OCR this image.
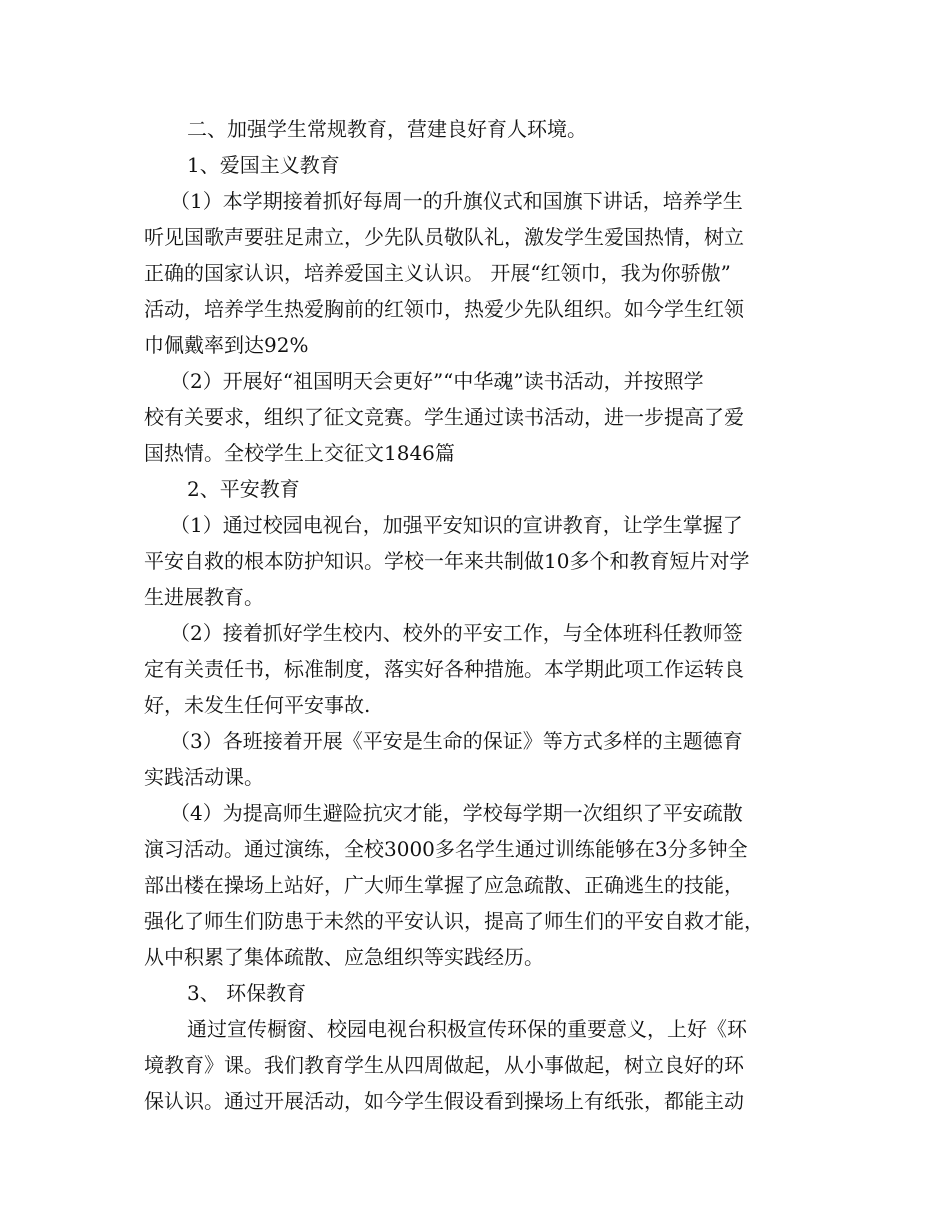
二、加强学生常规教育，营建良好育人环境。

1、爱国主义教育

（1）本学期接着抓好每周一的升旗仪式和国旗下讲话，培养学生

听见国歌声要驻足肃立，少先队员敬队礼，激发学生爱国热情，树立

正确的国家认识，培养爱国主义认识。 开展“红领巾，我为你骄傲”

活动，培养学生热爱胸前的红领巾，热爱少先队组织。如今学生红领

巾佩戴率到达92%

（2）开展好“祖国明天会更好”“中华魂”读书活动，并按照学

校有关要求，组织了征文竞赛。学生通过读书活动，进一步提高了爱

国热情。全校学生上交征文1846篇

2、平安教育

（1）通过校园电视台，加强平安知识的宣讲教育，让学生掌握了

平安自救的根本防护知识。学校一年来共制做10多个和教育短片对学

生进展教育。

（2）接着抓好学生校内、校外的平安工作，与全体班科任教师签

定有关责任书，标准制度，落实好各种措施。本学期此项工作运转良

好，未发生任何平安事故.

（3）各班接着开展《平安是生命的保证》等方式多样的主题德育

实践活动课。

（4）为提高师生避险抗灾才能，学校每学期一次组织了平安疏散

演习活动。通过演练，全校3000多名学生通过训练能够在3分多钟全

部出楼在操场上站好，广大师生掌握了应急疏散、正确逃生的技能，

强化了师生们防患于未然的平安认识，提高了师生们的平安自救才能，

从中积累了集体疏散、应急组织等实践经历。

3、 环保教育

通过宣传橱窗、校园电视台积极宣传环保的重要意义，上好《环

境教育》课。我们教育学生从四周做起，从小事做起，树立良好的环

保认识。通过开展活动，如今学生假设看到操场上有纸张，都能主动
